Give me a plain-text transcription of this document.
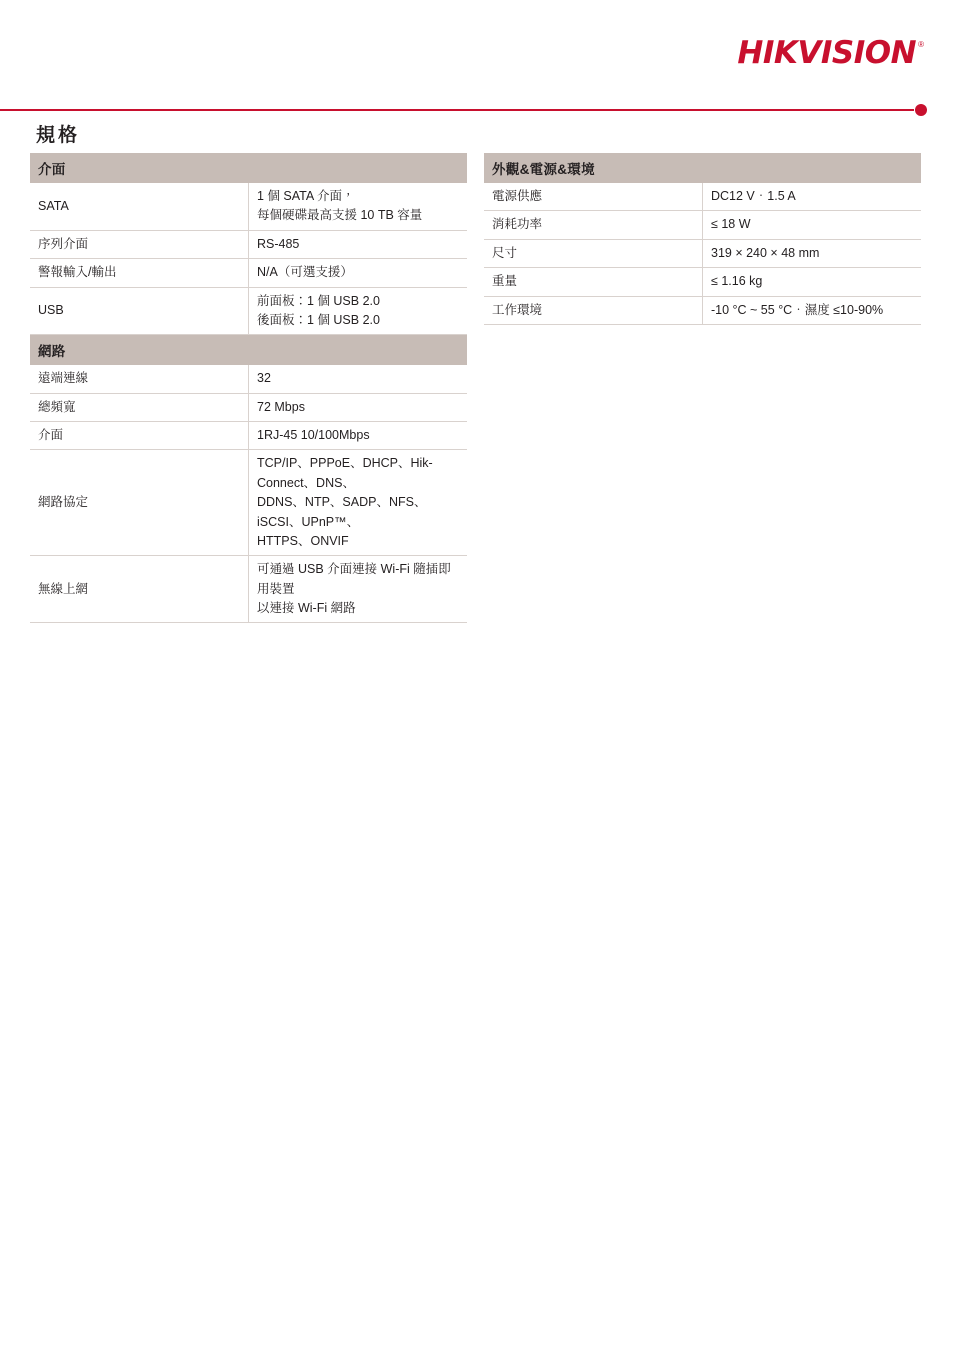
HIKVISION ®
規格
介面	
SATA	1 個 SATA 介面，
每個硬碟最高支援 10 TB 容量

序列介面	RS-485

警報輸入/輸出	N/A（可選支援）

USB	前面板：1 個 USB 2.0
後面板：1 個 USB 2.0
網路	
遠端連線	32

總頻寬	72 Mbps

介面	1RJ-45 10/100Mbps

網路協定	TCP/IP、PPPoE、DHCP、Hik-Connect、DNS、
DDNS、NTP、SADP、NFS、iSCSI、UPnP™、
HTTPS、ONVIF

無線上網	可通過 USB 介面連接 Wi-Fi 隨插即用裝置
以連接 Wi-Fi 網路
外觀&電源&環境	
電源供應	DC12 V．1.5 A

消耗功率	≤ 18 W

尺寸	319 × 240 × 48 mm

重量	≤ 1.16 kg

工作環境	-10 °C ~ 55 °C．濕度 ≤10-90%
